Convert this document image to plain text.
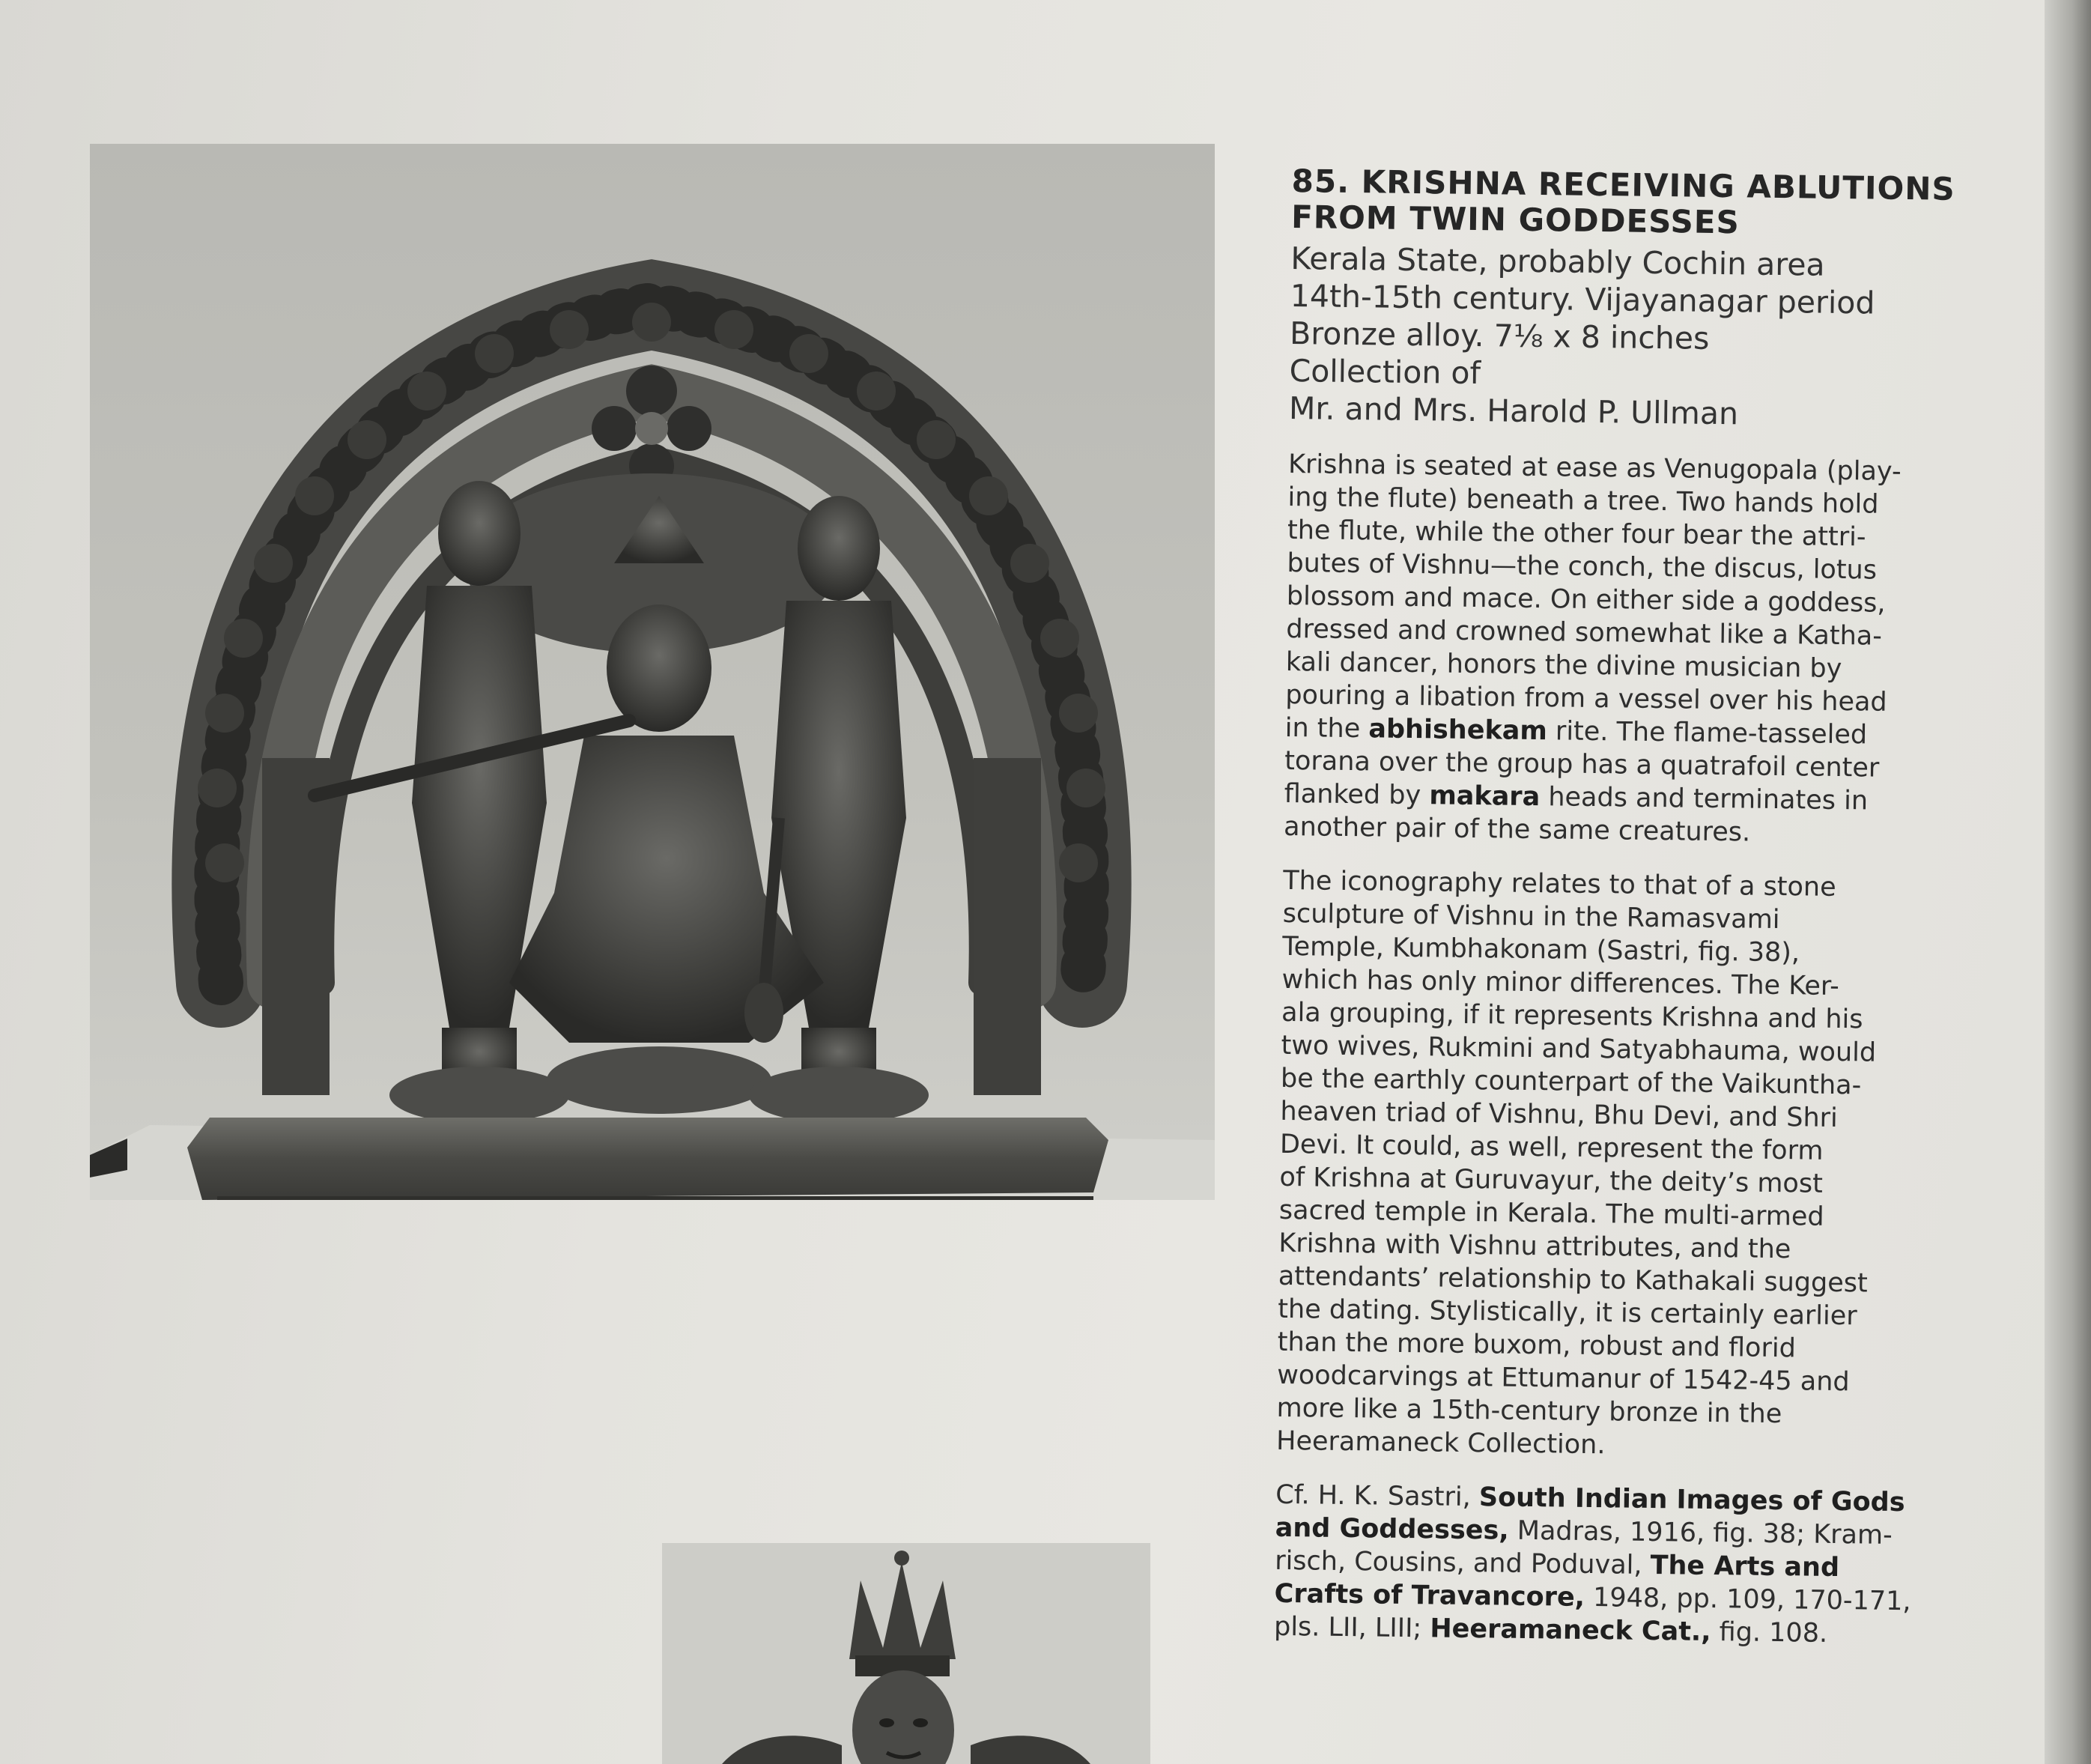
85. KRISHNA RECEIVING ABLUTIONS
FROM TWIN GODDESSES
Kerala State, probably Cochin area
14th-15th century. Vijayanagar period
Bronze alloy. 7⅛ x 8 inches
Collection of
Mr. and Mrs. Harold P. Ullman
Krishna is seated at ease as Venugopala (play-
ing the flute) beneath a tree. Two hands hold
the flute, while the other four bear the attri-
butes of Vishnu—the conch, the discus, lotus
blossom and mace. On either side a goddess,
dressed and crowned somewhat like a Katha-
kali dancer, honors the divine musician by
pouring a libation from a vessel over his head
in the abhishekam rite. The flame-tasseled
torana over the group has a quatrafoil center
flanked by makara heads and terminates in
another pair of the same creatures.
The iconography relates to that of a stone
sculpture of Vishnu in the Ramasvami
Temple, Kumbhakonam (Sastri, fig. 38),
which has only minor differences. The Ker-
ala grouping, if it represents Krishna and his
two wives, Rukmini and Satyabhauma, would
be the earthly counterpart of the Vaikuntha-
heaven triad of Vishnu, Bhu Devi, and Shri
Devi. It could, as well, represent the form
of Krishna at Guruvayur, the deity’s most
sacred temple in Kerala. The multi-armed
Krishna with Vishnu attributes, and the
attendants’ relationship to Kathakali suggest
the dating. Stylistically, it is certainly earlier
than the more buxom, robust and florid
woodcarvings at Ettumanur of 1542-45 and
more like a 15th-century bronze in the
Heeramaneck Collection.
Cf. H. K. Sastri, South Indian Images of Gods
and Goddesses, Madras, 1916, fig. 38; Kram-
risch, Cousins, and Poduval, The Arts and
Crafts of Travancore, 1948, pp. 109, 170-171,
pls. LII, LIII; Heeramaneck Cat., fig. 108.
